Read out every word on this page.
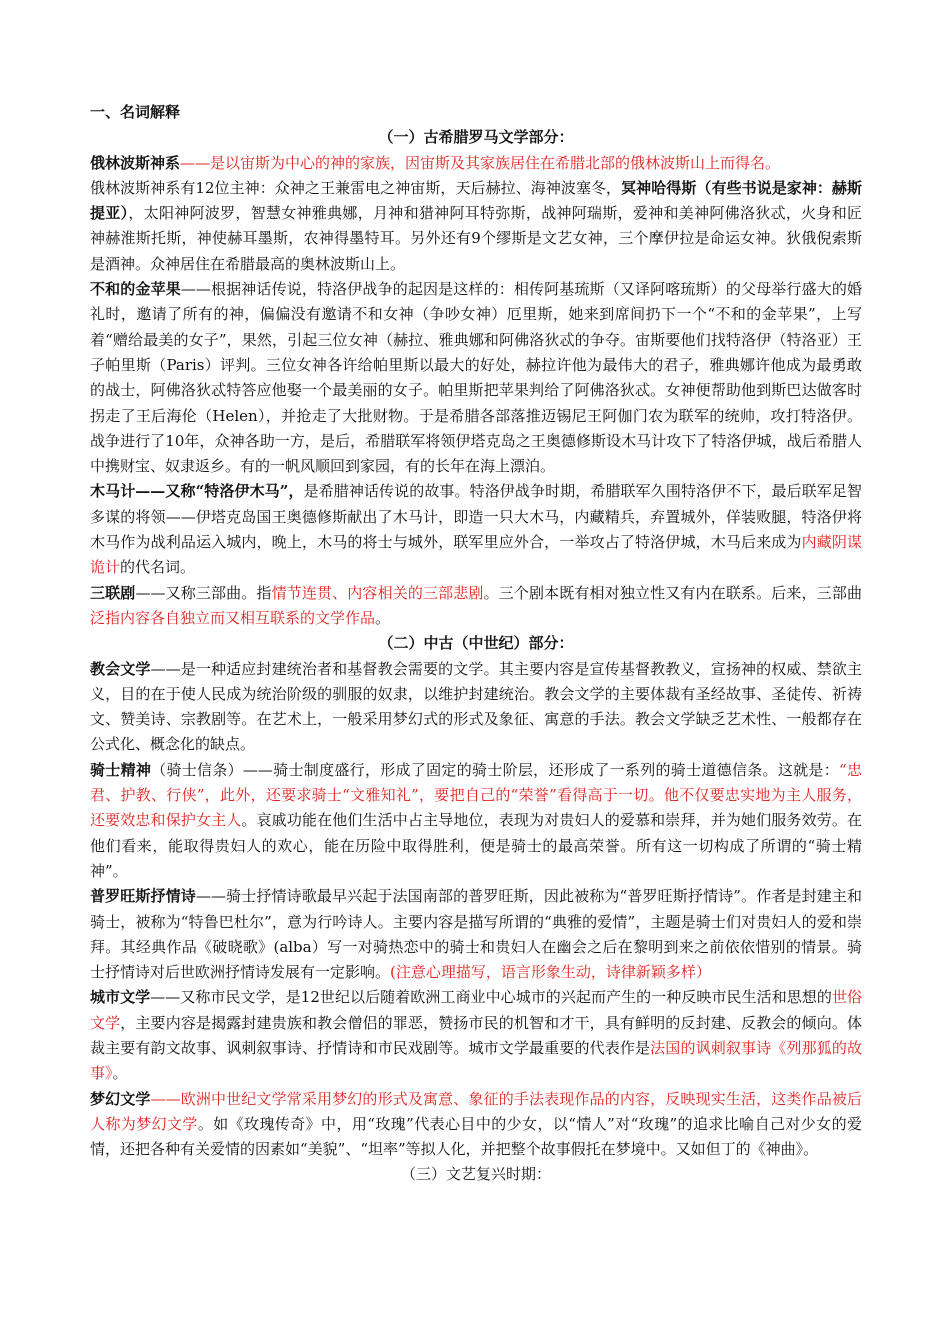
一、名词解释

（一）古希腊罗马文学部分：

俄林波斯神系——是以宙斯为中心的神的家族，因宙斯及其家族居住在希腊北部的俄林波斯山上而得名。

俄林波斯神系有12位主神：众神之王兼雷电之神宙斯，天后赫拉、海神波塞冬，冥神哈得斯（有些书说是家神：赫斯提亚），太阳神阿波罗，智慧女神雅典娜，月神和猎神阿耳特弥斯，战神阿瑞斯，爱神和美神阿佛洛狄忒，火身和匠神赫淮斯托斯，神使赫耳墨斯，农神得墨特耳。另外还有9个缪斯是文艺女神，三个摩伊拉是命运女神。狄俄倪索斯是酒神。众神居住在希腊最高的奥林波斯山上。

不和的金苹果——根据神话传说，特洛伊战争的起因是这样的：相传阿基琉斯（又译阿喀琉斯）的父母举行盛大的婚礼时，邀请了所有的神，偏偏没有邀请不和女神（争吵女神）厄里斯，她来到席间扔下一个“不和的金苹果”，上写着“赠给最美的女子”，果然，引起三位女神（赫拉、雅典娜和阿佛洛狄忒的争夺。宙斯要他们找特洛伊（特洛亚）王子帕里斯（Paris）评判。三位女神各许给帕里斯以最大的好处，赫拉许他为最伟大的君子，雅典娜许他成为最勇敢的战士，阿佛洛狄忒特答应他娶一个最美丽的女子。帕里斯把苹果判给了阿佛洛狄忒。女神便帮助他到斯巴达做客时拐走了王后海伦（Helen），并抢走了大批财物。于是希腊各部落推迈锡尼王阿伽门农为联军的统帅，攻打特洛伊。战争进行了10年，众神各助一方，是后，希腊联军将领伊塔克岛之王奥德修斯设木马计攻下了特洛伊城，战后希腊人中携财宝、奴隶返乡。有的一帆风顺回到家园，有的长年在海上漂泊。

木马计——又称“特洛伊木马”，是希腊神话传说的故事。特洛伊战争时期，希腊联军久围特洛伊不下，最后联军足智多谋的将领——伊塔克岛国王奥德修斯献出了木马计，即造一只大木马，内藏精兵，弃置城外，佯装败腿，特洛伊将木马作为战利品运入城内，晚上，木马的将士与城外，联军里应外合，一举攻占了特洛伊城，木马后来成为内藏阴谋诡计的代名词。

三联剧——又称三部曲。指情节连贯、内容相关的三部悲剧。三个剧本既有相对独立性又有内在联系。后来，三部曲泛指内容各自独立而又相互联系的文学作品。

（二）中古（中世纪）部分：

教会文学——是一种适应封建统治者和基督教会需要的文学。其主要内容是宣传基督教教义，宣扬神的权威、禁欲主义，目的在于使人民成为统治阶级的驯服的奴隶，以维护封建统治。教会文学的主要体裁有圣经故事、圣徒传、祈祷文、赞美诗、宗教剧等。在艺术上，一般采用梦幻式的形式及象征、寓意的手法。教会文学缺乏艺术性、一般都存在公式化、概念化的缺点。

骑士精神（骑士信条）——骑士制度盛行，形成了固定的骑士阶层，还形成了一系列的骑士道德信条。这就是：“忠君、护教、行侠”，此外，还要求骑士“文雅知礼”，要把自己的“荣誉”看得高于一切。他不仅要忠实地为主人服务，还要效忠和保护女主人。哀戚功能在他们生活中占主导地位，表现为对贵妇人的爱慕和崇拜，并为她们服务效劳。在他们看来，能取得贵妇人的欢心，能在历险中取得胜利，便是骑士的最高荣誉。所有这一切构成了所谓的“骑士精神”。

普罗旺斯抒情诗——骑士抒情诗歌最早兴起于法国南部的普罗旺斯，因此被称为“普罗旺斯抒情诗”。作者是封建主和骑士，被称为“特鲁巴杜尔”，意为行吟诗人。主要内容是描写所谓的“典雅的爱情”，主题是骑士们对贵妇人的爱和崇拜。其经典作品《破晓歌》(alba）写一对骑热恋中的骑士和贵妇人在幽会之后在黎明到来之前依依惜别的情景。骑士抒情诗对后世欧洲抒情诗发展有一定影响。(注意心理描写，语言形象生动，诗律新颖多样）

城市文学——又称市民文学，是12世纪以后随着欧洲工商业中心城市的兴起而产生的一种反映市民生活和思想的世俗文学，主要内容是揭露封建贵族和教会僧侣的罪恶，赞扬市民的机智和才干，具有鲜明的反封建、反教会的倾向。体裁主要有韵文故事、讽刺叙事诗、抒情诗和市民戏剧等。城市文学最重要的代表作是法国的讽刺叙事诗《列那狐的故事》。

梦幻文学——欧洲中世纪文学常采用梦幻的形式及寓意、象征的手法表现作品的内容，反映现实生活，这类作品被后人称为梦幻文学。如《玫瑰传奇》中，用“玫瑰”代表心目中的少女，以“情人”对“玫瑰”的追求比喻自己对少女的爱情，还把各种有关爱情的因素如“美貌”、“坦率”等拟人化，并把整个故事假托在梦境中。又如但丁的《神曲》。

（三）文艺复兴时期：
